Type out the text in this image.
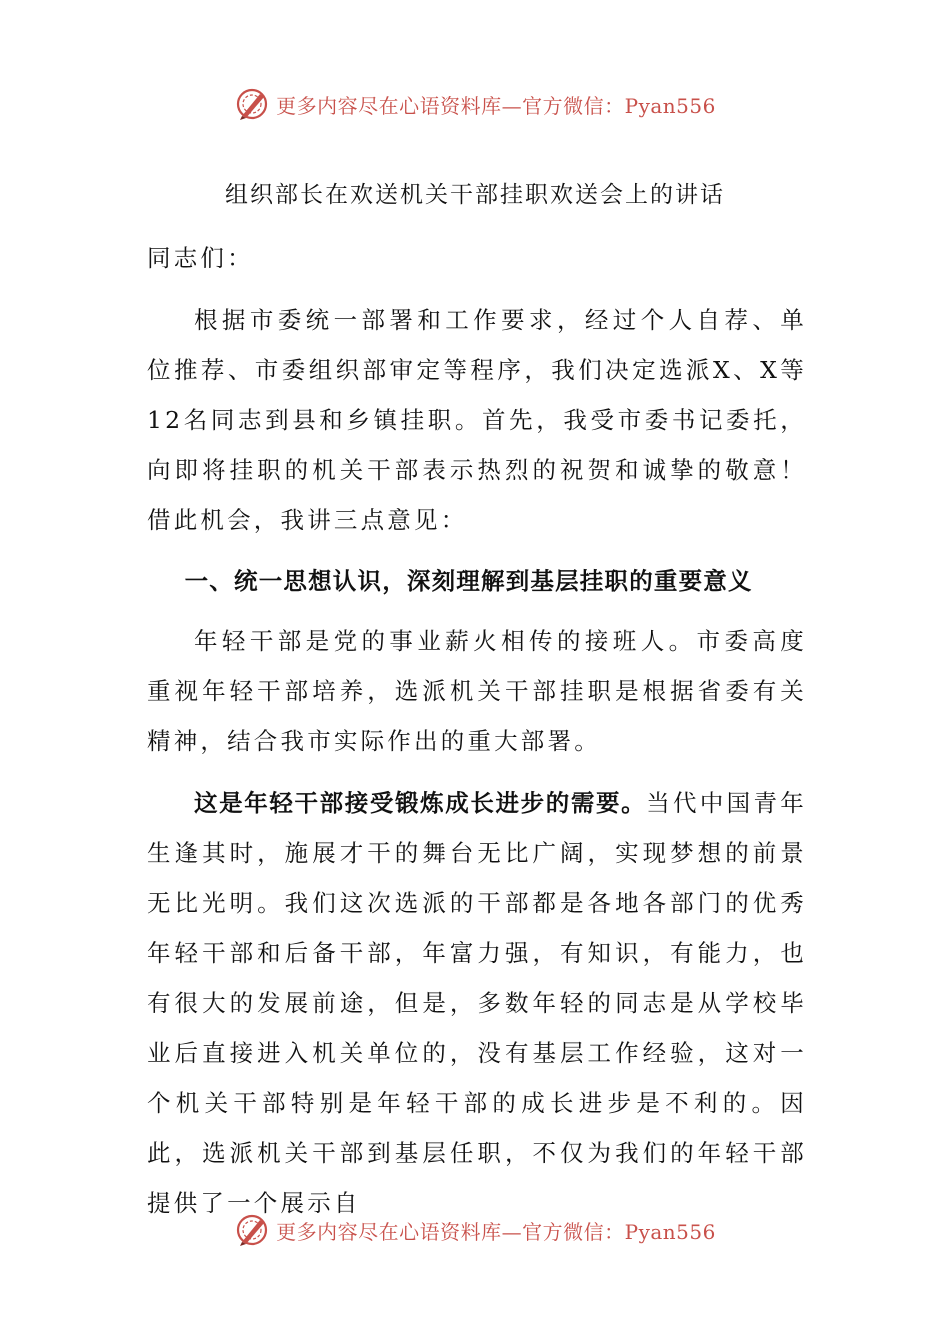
更多内容尽在心语资料库—官方微信：Pyan556
组织部长在欢送机关干部挂职欢送会上的讲话

同志们：

根据市委统一部署和工作要求，经过个人自荐、单位推荐、市委组织部审定等程序，我们决定选派X、X等12名同志到县和乡镇挂职。首先，我受市委书记委托，向即将挂职的机关干部表示热烈的祝贺和诚挚的敬意！借此机会，我讲三点意见：

一、统一思想认识，深刻理解到基层挂职的重要意义

年轻干部是党的事业薪火相传的接班人。市委高度重视年轻干部培养，选派机关干部挂职是根据省委有关精神，结合我市实际作出的重大部署。

这是年轻干部接受锻炼成长进步的需要。当代中国青年生逢其时，施展才干的舞台无比广阔，实现梦想的前景无比光明。我们这次选派的干部都是各地各部门的优秀年轻干部和后备干部，年富力强，有知识，有能力，也有很大的发展前途，但是，多数年轻的同志是从学校毕业后直接进入机关单位的，没有基层工作经验，这对一个机关干部特别是年轻干部的成长进步是不利的。因此，选派机关干部到基层任职，不仅为我们的年轻干部提供了一个展示自

更多内容尽在心语资料库—官方微信：Pyan556
